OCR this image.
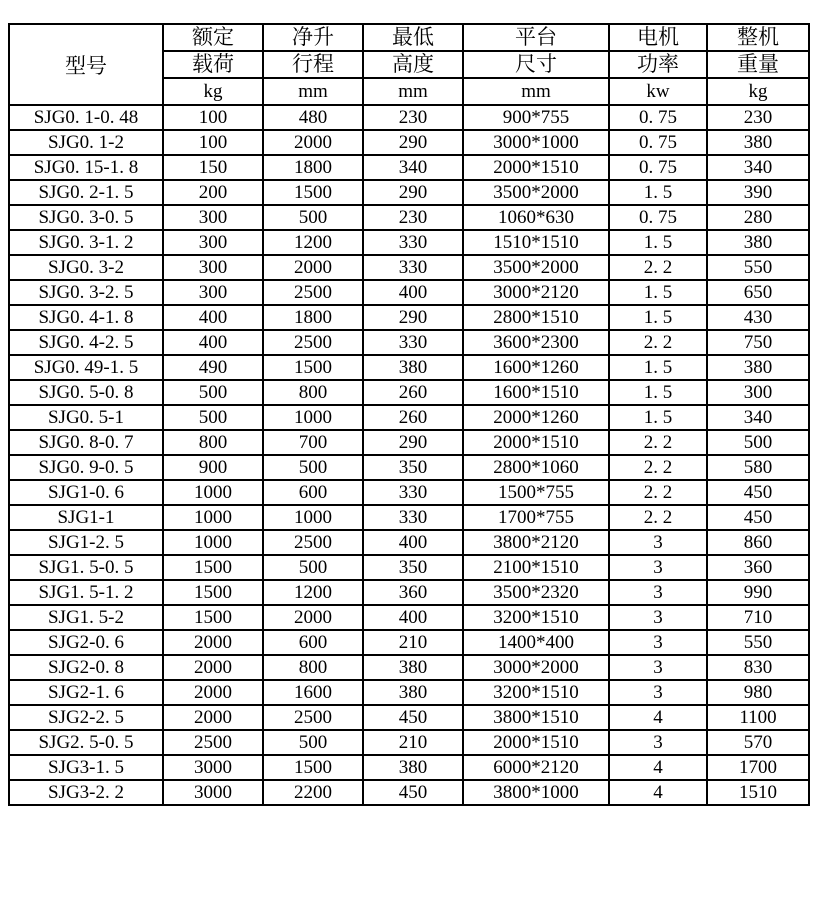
型号	额定	净升	最低	平台	电机	整机
	载荷	行程	高度	尺寸	功率	重量
	kg	mm	mm	mm	kw	kg
SJG0. 1-0. 48	100	480	230	900*755	0. 75	230
SJG0. 1-2	100	2000	290	3000*1000	0. 75	380
SJG0. 15-1. 8	150	1800	340	2000*1510	0. 75	340
SJG0. 2-1. 5	200	1500	290	3500*2000	1. 5	390
SJG0. 3-0. 5	300	500	230	1060*630	0. 75	280
SJG0. 3-1. 2	300	1200	330	1510*1510	1. 5	380
SJG0. 3-2	300	2000	330	3500*2000	2. 2	550
SJG0. 3-2. 5	300	2500	400	3000*2120	1. 5	650
SJG0. 4-1. 8	400	1800	290	2800*1510	1. 5	430
SJG0. 4-2. 5	400	2500	330	3600*2300	2. 2	750
SJG0. 49-1. 5	490	1500	380	1600*1260	1. 5	380
SJG0. 5-0. 8	500	800	260	1600*1510	1. 5	300
SJG0. 5-1	500	1000	260	2000*1260	1. 5	340
SJG0. 8-0. 7	800	700	290	2000*1510	2. 2	500
SJG0. 9-0. 5	900	500	350	2800*1060	2. 2	580
SJG1-0. 6	1000	600	330	1500*755	2. 2	450
SJG1-1	1000	1000	330	1700*755	2. 2	450
SJG1-2. 5	1000	2500	400	3800*2120	3	860
SJG1. 5-0. 5	1500	500	350	2100*1510	3	360
SJG1. 5-1. 2	1500	1200	360	3500*2320	3	990
SJG1. 5-2	1500	2000	400	3200*1510	3	710
SJG2-0. 6	2000	600	210	1400*400	3	550
SJG2-0. 8	2000	800	380	3000*2000	3	830
SJG2-1. 6	2000	1600	380	3200*1510	3	980
SJG2-2. 5	2000	2500	450	3800*1510	4	1100
SJG2. 5-0. 5	2500	500	210	2000*1510	3	570
SJG3-1. 5	3000	1500	380	6000*2120	4	1700
SJG3-2. 2	3000	2200	450	3800*1000	4	1510
